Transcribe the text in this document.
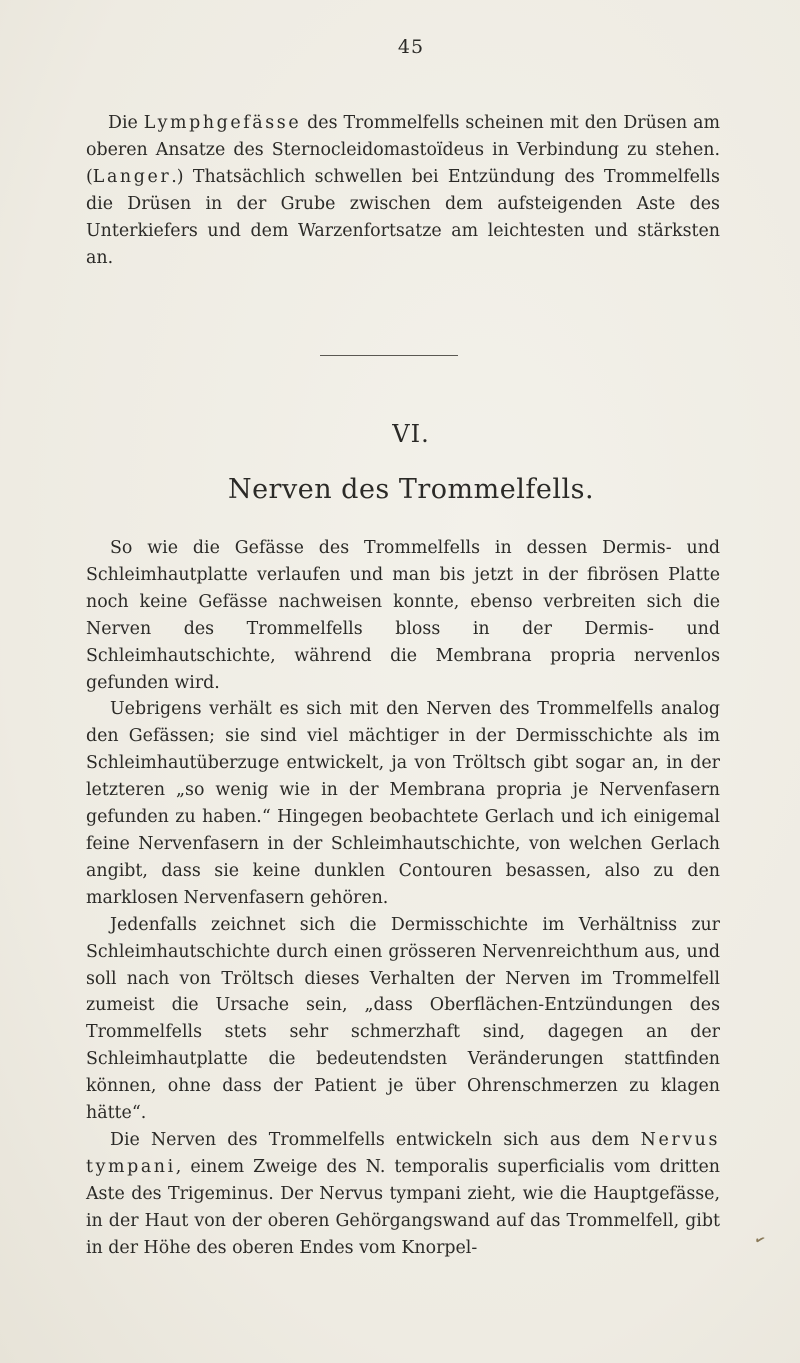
45

Die Lymphgefässe des Trommelfells scheinen mit den Drüsen am oberen Ansatze des Sternocleidomastoïdeus in Verbindung zu stehen. (Langer.) Thatsächlich schwellen bei Entzündung des Trommelfells die Drüsen in der Grube zwischen dem aufsteigenden Aste des Unterkiefers und dem Warzenfortsatze am leichtesten und stärksten an.

VI.
Nerven des Trommelfells.

So wie die Gefässe des Trommelfells in dessen Dermis- und Schleimhautplatte verlaufen und man bis jetzt in der fibrösen Platte noch keine Gefässe nachweisen konnte, ebenso verbreiten sich die Nerven des Trommelfells bloss in der Dermis- und Schleimhautschichte, während die Membrana propria nervenlos gefunden wird.

Uebrigens verhält es sich mit den Nerven des Trommelfells analog den Gefässen; sie sind viel mächtiger in der Dermisschichte als im Schleimhautüberzuge entwickelt, ja von Tröltsch gibt sogar an, in der letzteren „so wenig wie in der Membrana propria je Nervenfasern gefunden zu haben.“ Hingegen beobachtete Gerlach und ich einigemal feine Nervenfasern in der Schleimhautschichte, von welchen Gerlach angibt, dass sie keine dunklen Contouren besassen, also zu den marklosen Nervenfasern gehören.

Jedenfalls zeichnet sich die Dermisschichte im Verhältniss zur Schleimhautschichte durch einen grösseren Nervenreichthum aus, und soll nach von Tröltsch dieses Verhalten der Nerven im Trommelfell zumeist die Ursache sein, „dass Oberflächen-Entzündungen des Trommelfells stets sehr schmerzhaft sind, dagegen an der Schleimhautplatte die bedeutendsten Veränderungen stattfinden können, ohne dass der Patient je über Ohrenschmerzen zu klagen hätte“.

Die Nerven des Trommelfells entwickeln sich aus dem Nervus tympani, einem Zweige des N. temporalis superficialis vom dritten Aste des Trigeminus. Der Nervus tympani zieht, wie die Hauptgefässe, in der Haut von der oberen Gehörgangswand auf das Trommelfell, gibt in der Höhe des oberen Endes vom Knorpel-	✔
